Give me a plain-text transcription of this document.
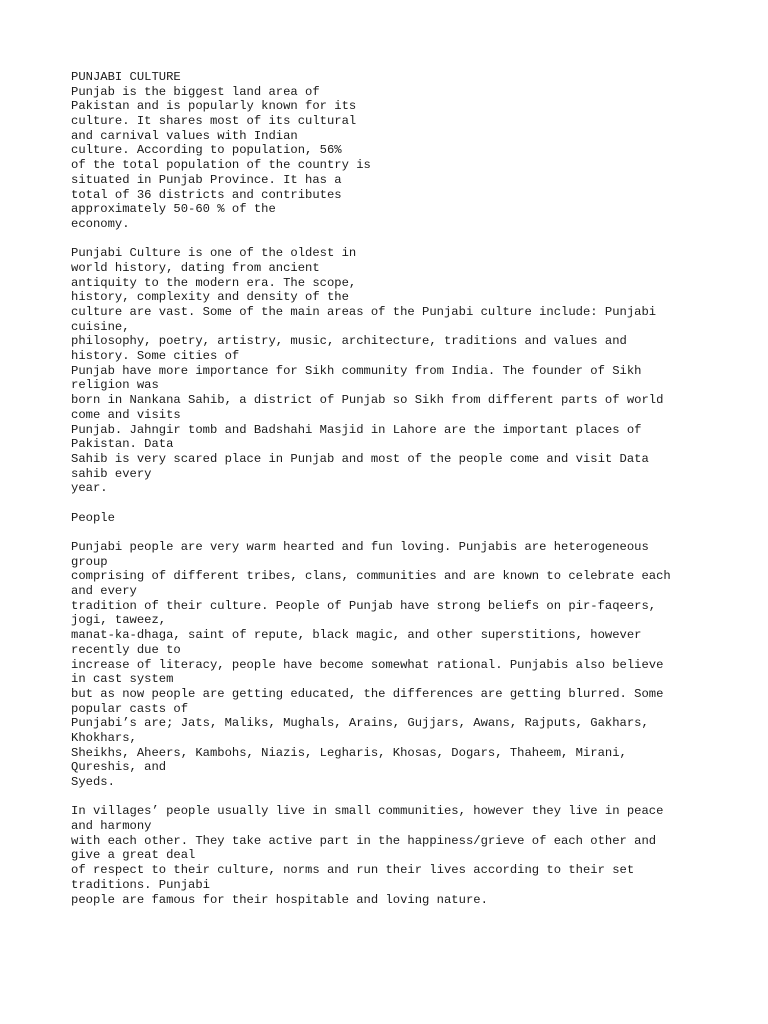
PUNJABI CULTURE
Punjab is the biggest land area of
Pakistan and is popularly known for its
culture. It shares most of its cultural
and carnival values with Indian
culture. According to population, 56%
of the total population of the country is
situated in Punjab Province. It has a
total of 36 districts and contributes
approximately 50-60 % of the
economy.
Punjabi Culture is one of the oldest in
world history, dating from ancient
antiquity to the modern era. The scope,
history, complexity and density of the
culture are vast. Some of the main areas of the Punjabi culture include: Punjabi
cuisine,
philosophy, poetry, artistry, music, architecture, traditions and values and
history. Some cities of
Punjab have more importance for Sikh community from India. The founder of Sikh
religion was
born in Nankana Sahib, a district of Punjab so Sikh from different parts of world
come and visits
Punjab. Jahngir tomb and Badshahi Masjid in Lahore are the important places of
Pakistan. Data
Sahib is very scared place in Punjab and most of the people come and visit Data
sahib every
year.
People
Punjabi people are very warm hearted and fun loving. Punjabis are heterogeneous
group
comprising of different tribes, clans, communities and are known to celebrate each
and every
tradition of their culture. People of Punjab have strong beliefs on pir-faqeers,
jogi, taweez,
manat-ka-dhaga, saint of repute, black magic, and other superstitions, however
recently due to
increase of literacy, people have become somewhat rational. Punjabis also believe
in cast system
but as now people are getting educated, the differences are getting blurred. Some
popular casts of
Punjabi’s are; Jats, Maliks, Mughals, Arains, Gujjars, Awans, Rajputs, Gakhars,
Khokhars,
Sheikhs, Aheers, Kambohs, Niazis, Legharis, Khosas, Dogars, Thaheem, Mirani,
Qureshis, and
Syeds.
In villages’ people usually live in small communities, however they live in peace
and harmony
with each other. They take active part in the happiness/grieve of each other and
give a great deal
of respect to their culture, norms and run their lives according to their set
traditions. Punjabi
people are famous for their hospitable and loving nature.
